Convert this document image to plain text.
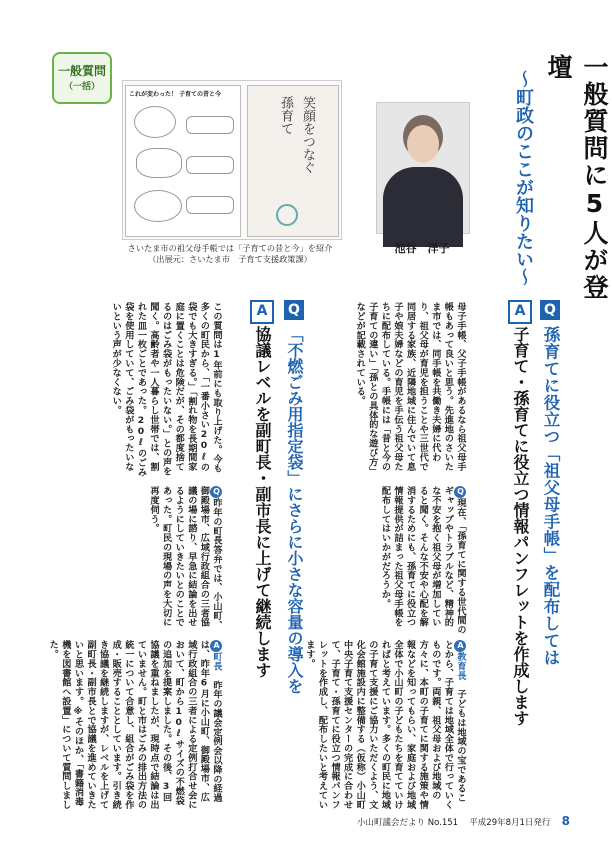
一般質問
（一括）
これが変わった！ 子育ての昔と今
笑顔をつなぐ孫育て
さいたま市の祖父母手帳では「子育ての昔と今」を紹介
（出展元：さいたま市　子育て支援政策課）
池谷　洋子	一般質問に5人が登壇
〜町政のここが知りたい〜
Q
孫育てに役立つ「祖父母手帳」を配布しては
A
子育て・孫育てに役立つ情報パンフレットを作成します
母子手帳、父子手帳があるなら祖父母手帳もあって良いと思う。先進地のさいたま市では、同手帳を共働き夫婦に代わり、祖父母が育児を担うことや三世代で同居する家族、近隣地域に住んでいて息子や娘夫婦などの育児を手伝う祖父母たちに配布している。手帳には「昔と今の子育ての違い」「孫との具体的な遊び方」などが記載されている。
Q現在、「孫育てに関する世代間のギャップやトラブルなど、精神的な不安を抱く祖父母が増加していると聞く。そんな不安や心配を解消するためにも、孫育てに役立つ情報提供が詰まった祖父母手帳を配布してはいかがだろうか。
A教育長　子どもは地域の宝であることから、子育ては地域全体で行っていくものです。両親、祖父母および地域の方々に、本町の子育てに関する施策や情報などを知ってもらい、家庭および地域全体で小山町の子どもたちを育てていければと考えています。多くの町民に地域の子育て支援にご協力いただくよう、文化会館施設内に整備する（仮称）小山町中央子育て支援センターの完成に合わせて、子育て・孫育てに役立つ情報パンフレットを作成し、配布したいと考えています。
Q
「不燃ごみ用指定袋」にさらに小さな容量の導入を
A
協議レベルを副町長・副市長に上げて継続します
この質問は1年前にも取り上げた。今も多くの町民から、「一番小さい20ℓの袋でも大きすぎる。」「割れ物を長期間家庭に置くことは危険だが、その都度捨てるのはごみ袋がもったいない。」との声を聞く。高齢者や一人暮らし世帯では、割れた皿一枚ごとであった。20ℓのごみ袋を使用していて、ごみ袋がもったいないという声が少なくない。
Q昨年の町長答弁では、小山町、御殿場市、広域行政組合の三者協議の場に諮り、早急に結論を出せるようにしていきたいとのことであった。町民の現場の声を大切に再度伺う。
A町長　昨年の議会定例会以降の経過は、昨年6月に小山町、御殿場市、広域行政組合の三者による定例打合せ会において、町から10ℓサイズの不燃袋の追加を提案しました。その後、3回協議を重ねましたが、現時点で結論は出ていません。町と市はごみの排出方法の統一について合意し、組合がごみ袋を作成・販売することとしています。引き続き協議を継続しますが、レベルを上げて副町長・副市長とで協議を進めていきたいと思います。※そのほか、「書籍消毒機を図書館へ設置」について質問しました。
小山町議会だより No.151　 平成29年8月1日発行　 8
